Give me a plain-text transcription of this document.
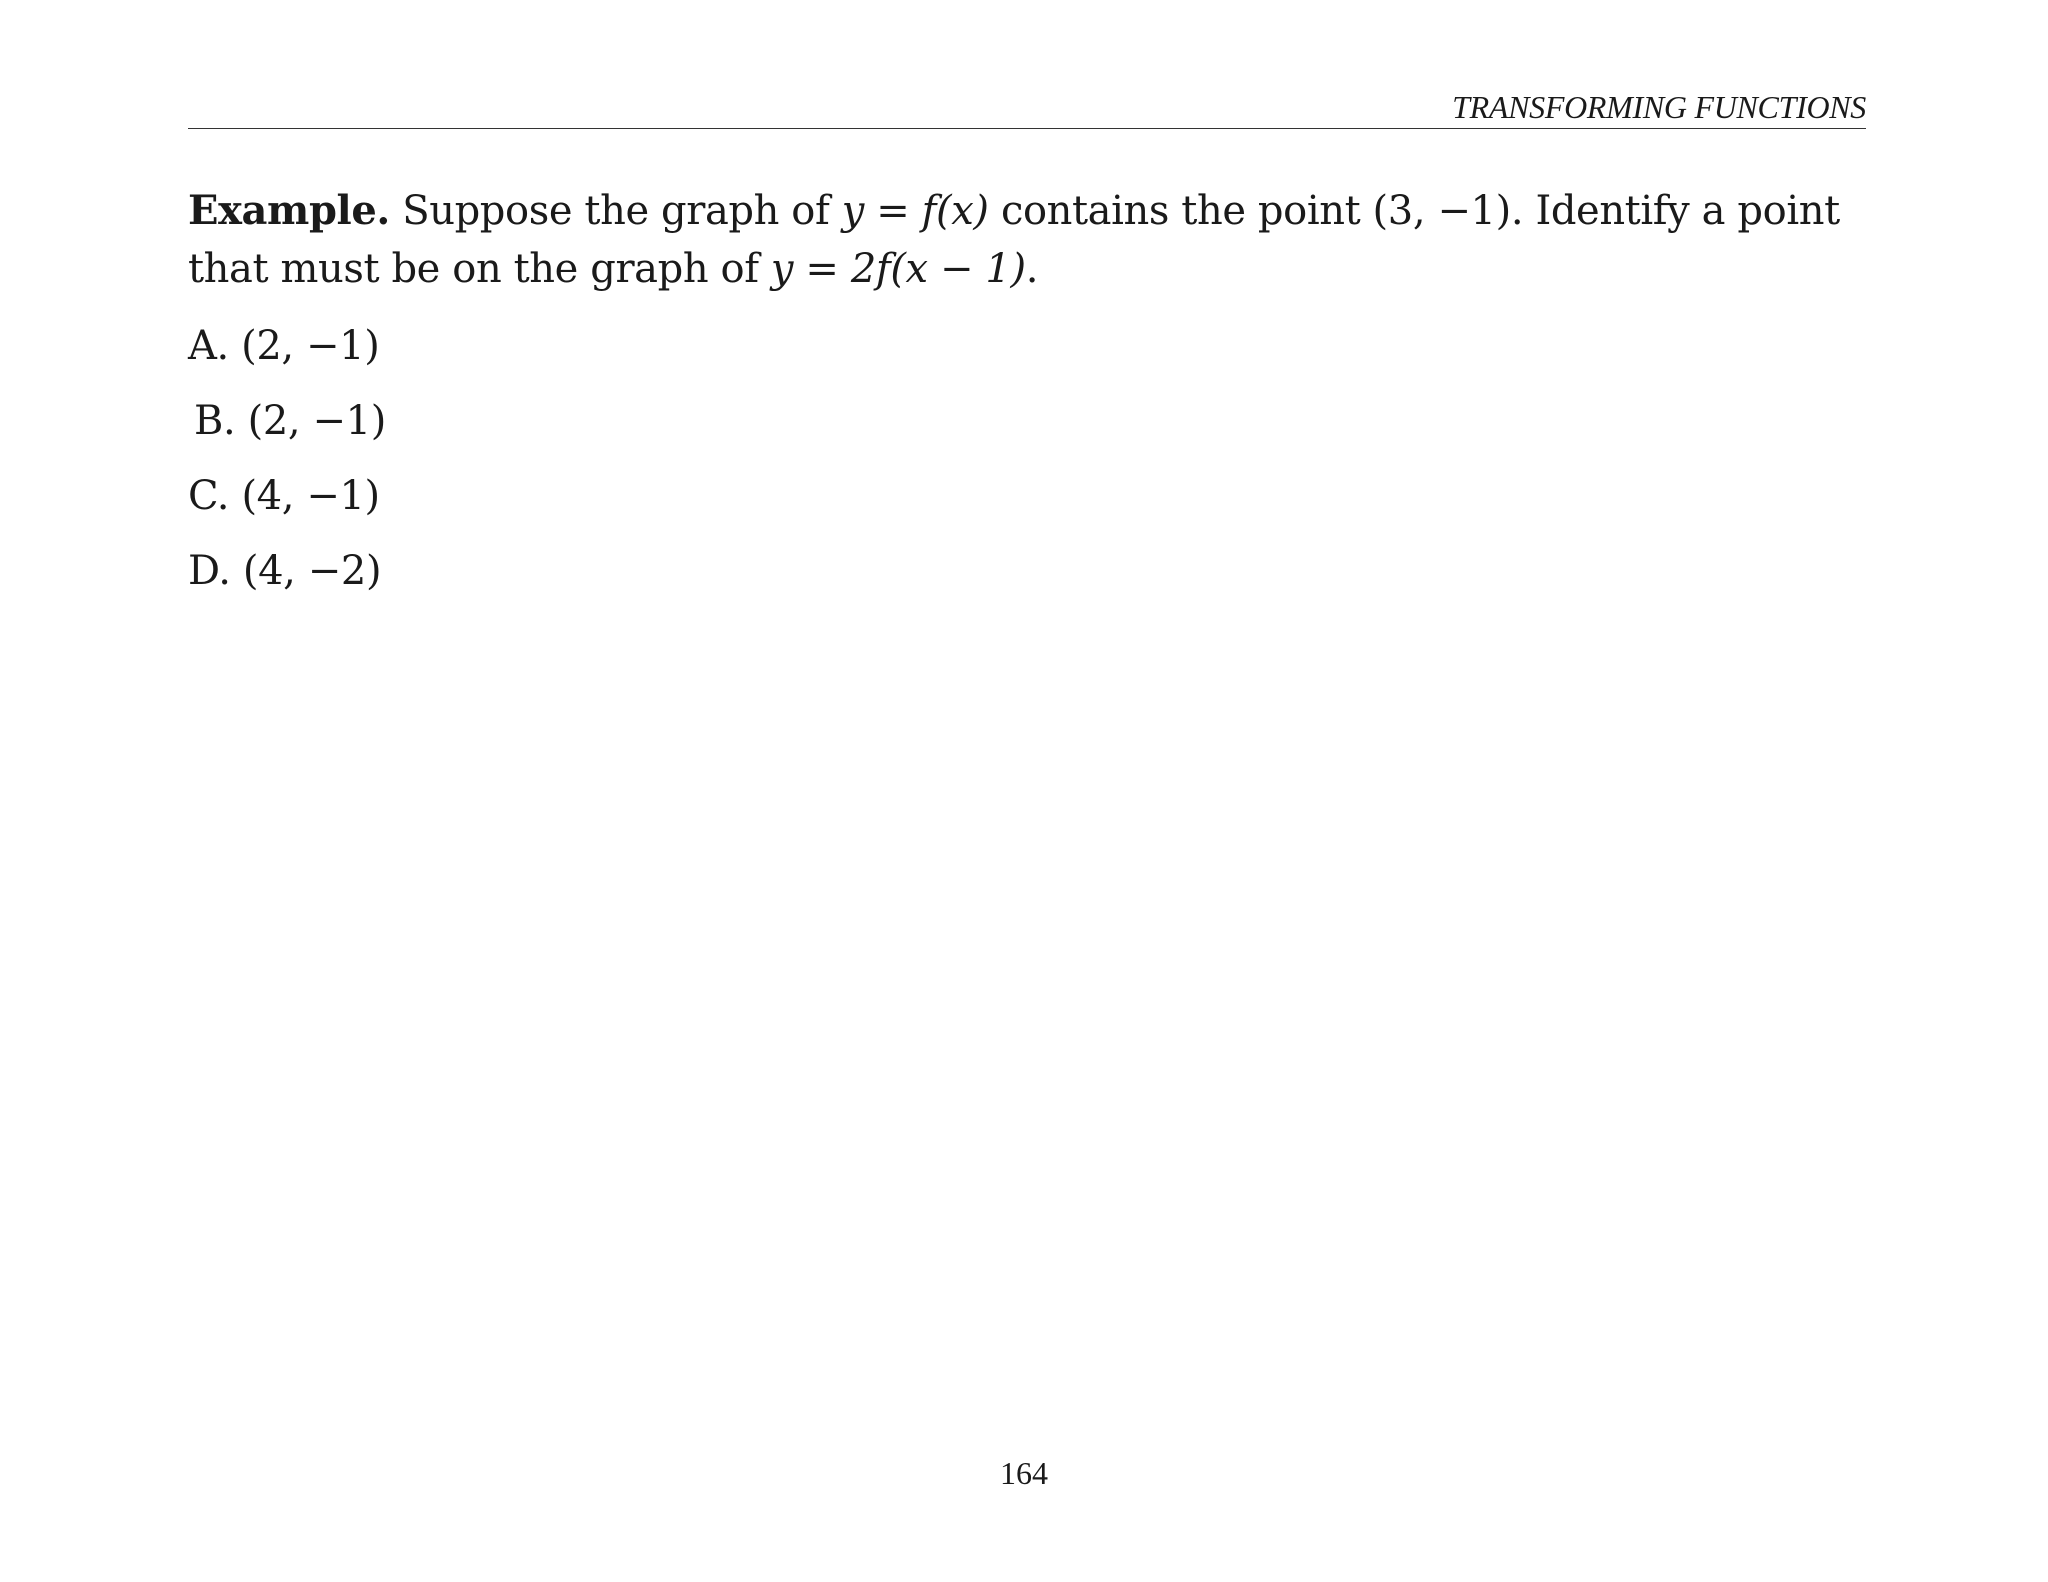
TRANSFORMING FUNCTIONS
Example. Suppose the graph of y = f(x) contains the point (3, −1). Identify a point
that must be on the graph of y = 2f(x − 1).
A. (2, −1)
B. (2, −1)
C. (4, −1)
D. (4, −2)
164
